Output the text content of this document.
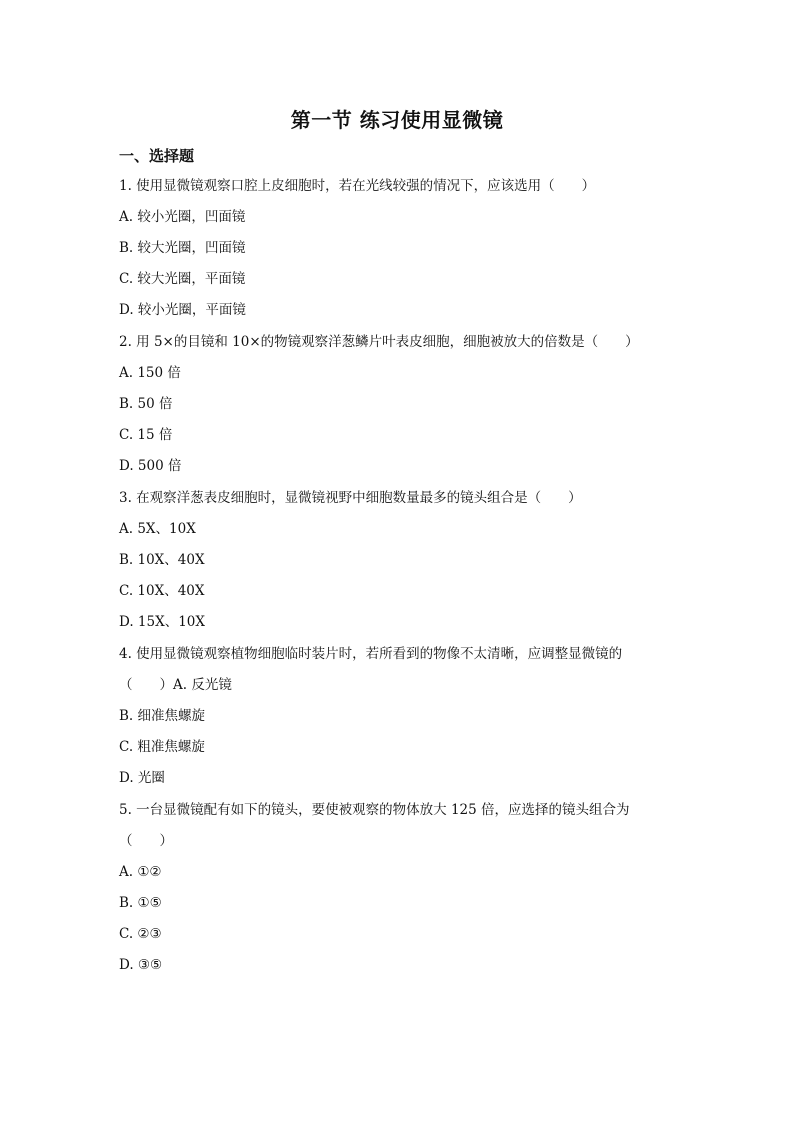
第一节 练习使用显微镜
一、选择题
1. 使用显微镜观察口腔上皮细胞时，若在光线较强的情况下，应该选用（　　）
A. 较小光圈，凹面镜
B. 较大光圈，凹面镜
C. 较大光圈，平面镜
D. 较小光圈，平面镜
2. 用 5×的目镜和 10×的物镜观察洋葱鳞片叶表皮细胞，细胞被放大的倍数是（　　）
A. 150 倍
B. 50 倍
C. 15 倍
D. 500 倍
3. 在观察洋葱表皮细胞时，显微镜视野中细胞数量最多的镜头组合是（　　）
A. 5X、10X
B. 10X、40X
C. 10X、40X
D. 15X、10X
4. 使用显微镜观察植物细胞临时装片时，若所看到的物像不太清晰，应调整显微镜的
（　　）A. 反光镜
B. 细准焦螺旋
C. 粗准焦螺旋
D. 光圈
5. 一台显微镜配有如下的镜头，要使被观察的物体放大 125 倍，应选择的镜头组合为
（　　）
A. ①②
B. ①⑤
C. ②③
D. ③⑤
